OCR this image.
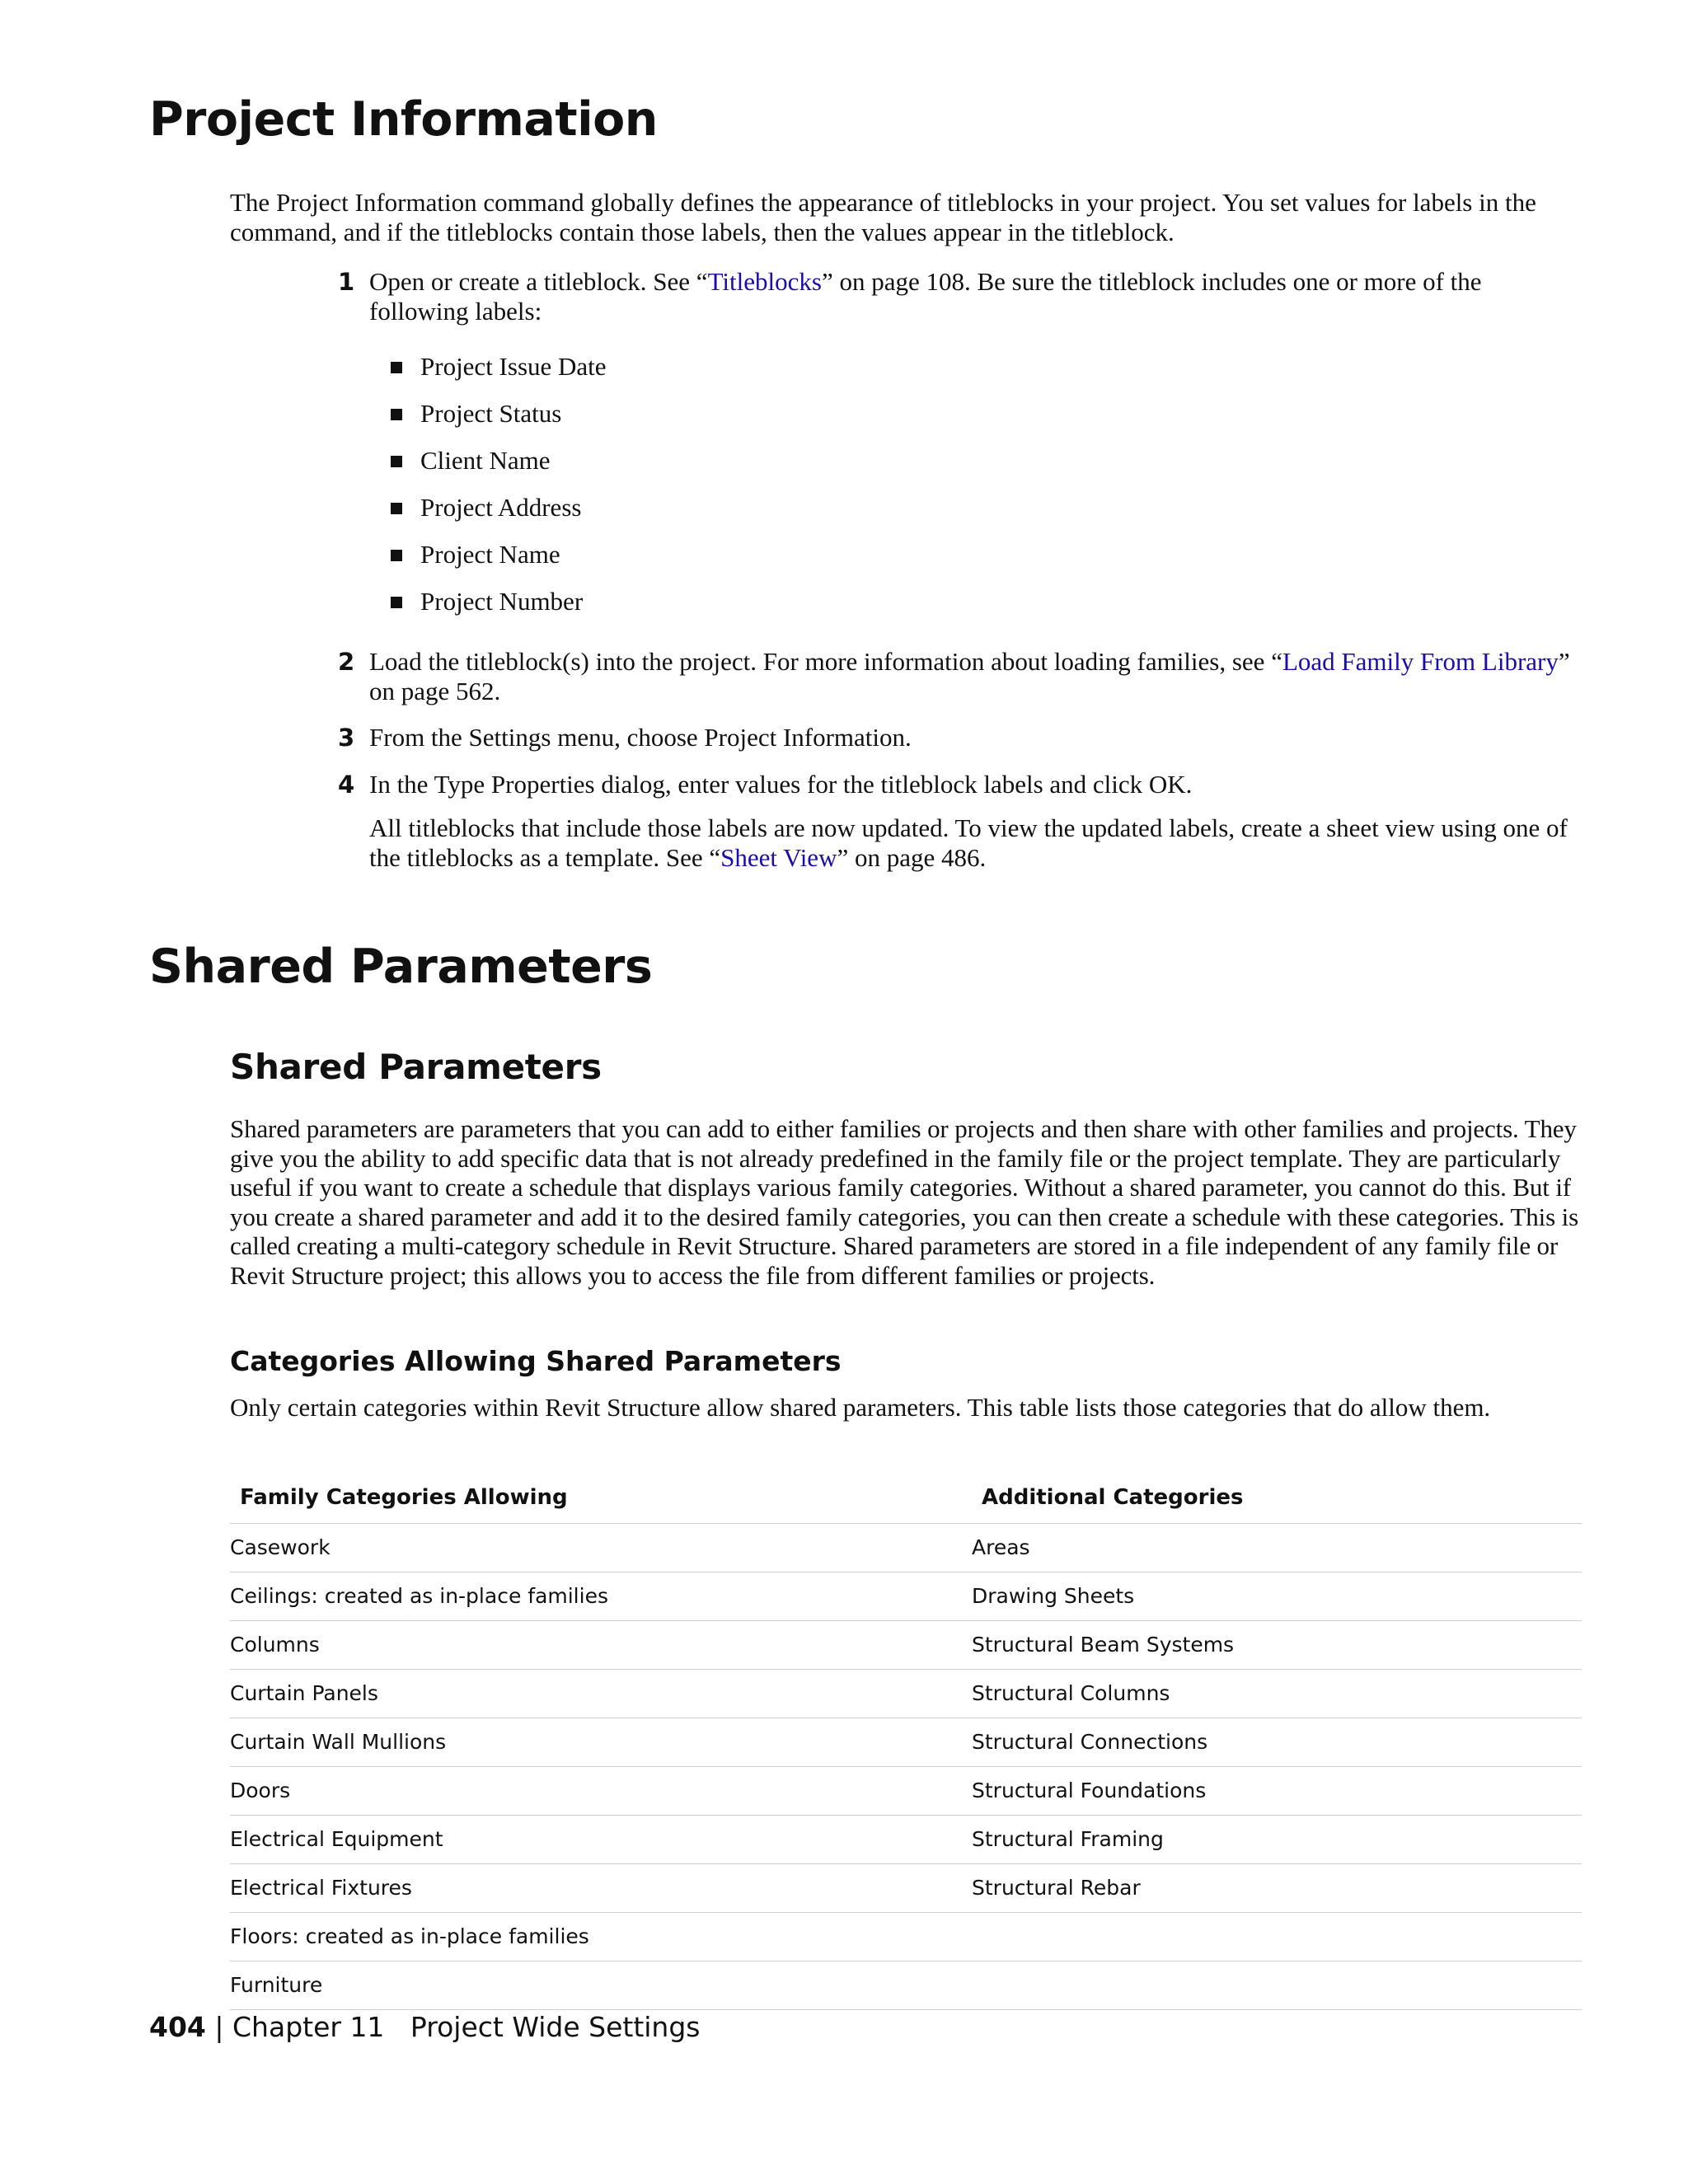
Project Information

The Project Information command globally defines the appearance of titleblocks in your project. You set values for labels in the command, and if the titleblocks contain those labels, then the values appear in the titleblock.

1 Open or create a titleblock. See “Titleblocks” on page 108. Be sure the titleblock includes one or more of the following labels:
Project Issue Date
Project Status
Client Name
Project Address
Project Name
Project Number
2 Load the titleblock(s) into the project. For more information about loading families, see “Load Family From Library” on page 562.
3 From the Settings menu, choose Project Information.
4 In the Type Properties dialog, enter values for the titleblock labels and click OK.
All titleblocks that include those labels are now updated. To view the updated labels, create a sheet view using one of the titleblocks as a template. See “Sheet View” on page 486.
Shared Parameters
Shared Parameters

Shared parameters are parameters that you can add to either families or projects and then share with other families and projects. They give you the ability to add specific data that is not already predefined in the family file or the project template. They are particularly useful if you want to create a schedule that displays various family categories. Without a shared parameter, you cannot do this. But if you create a shared parameter and add it to the desired family categories, you can then create a schedule with these categories. This is called creating a multi-category schedule in Revit Structure. Shared parameters are stored in a file independent of any family file or Revit Structure project; this allows you to access the file from different families or projects.

Categories Allowing Shared Parameters

Only certain categories within Revit Structure allow shared parameters. This table lists those categories that do allow them.

Family Categories Allowing	Additional Categories
Casework	Areas
Ceilings: created as in-place families	Drawing Sheets
Columns	Structural Beam Systems
Curtain Panels	Structural Columns
Curtain Wall Mullions	Structural Connections
Doors	Structural Foundations
Electrical Equipment	Structural Framing
Electrical Fixtures	Structural Rebar
Floors: created as in-place families
Furniture
404 | Chapter 11 Project Wide Settings
